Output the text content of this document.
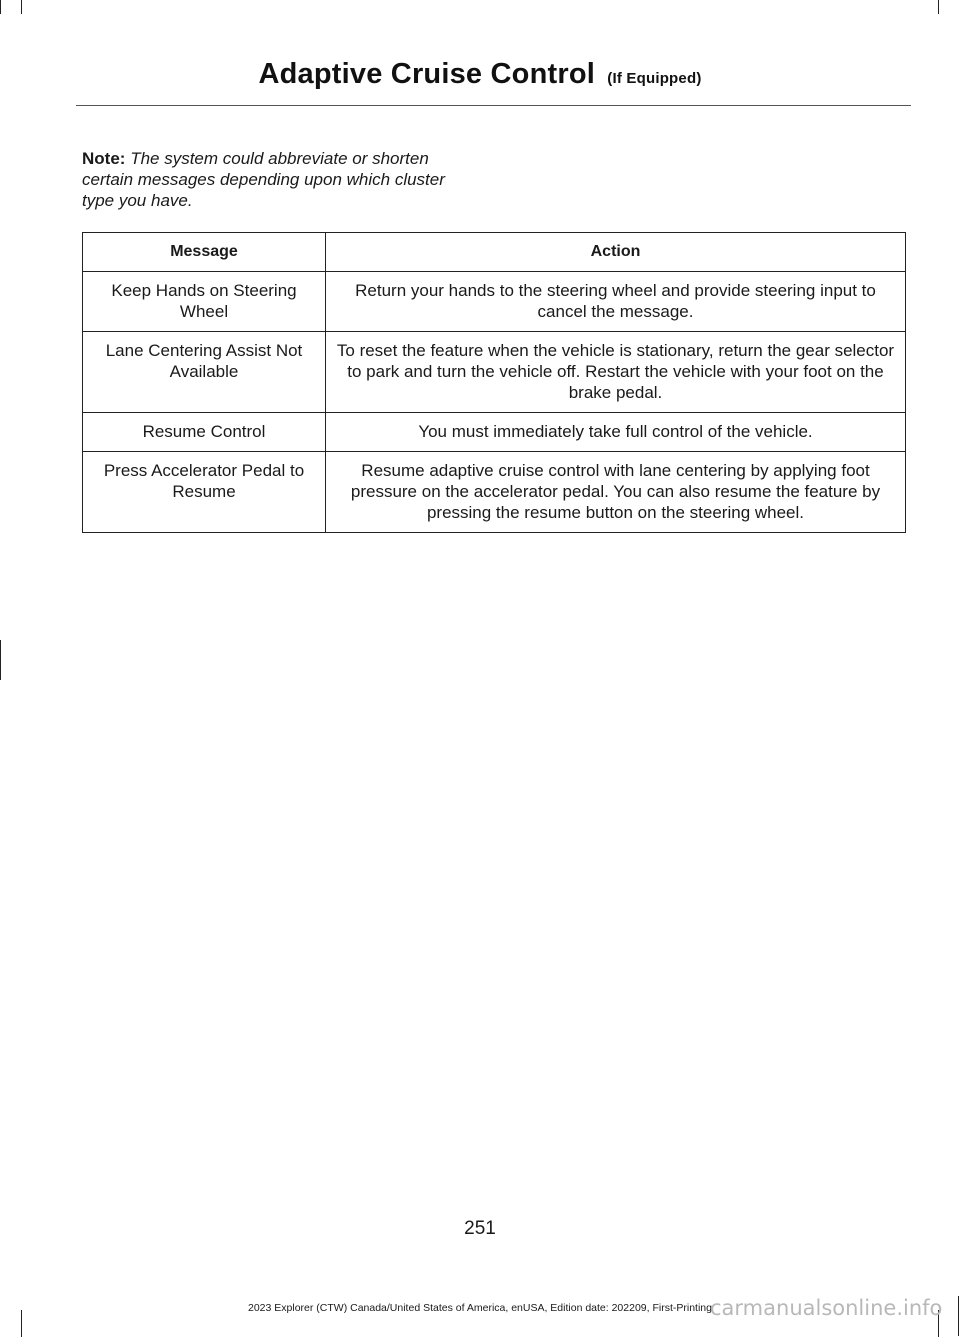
Adaptive Cruise Control (If Equipped)
Note: The system could abbreviate or shorten certain messages depending upon which cluster type you have.
Message	Action
Keep Hands on Steering Wheel	Return your hands to the steering wheel and provide steering input to cancel the message.
Lane Centering Assist Not Available	To reset the feature when the vehicle is stationary, return the gear selector to park and turn the vehicle off. Restart the vehicle with your foot on the brake pedal.
Resume Control	You must immediately take full control of the vehicle.
Press Accelerator Pedal to Resume	Resume adaptive cruise control with lane centering by applying foot pressure on the accelerator pedal. You can also resume the feature by pressing the resume button on the steering wheel.
251
2023 Explorer (CTW) Canada/United States of America, enUSA, Edition date: 202209, First-Printing
carmanualsonline.info
